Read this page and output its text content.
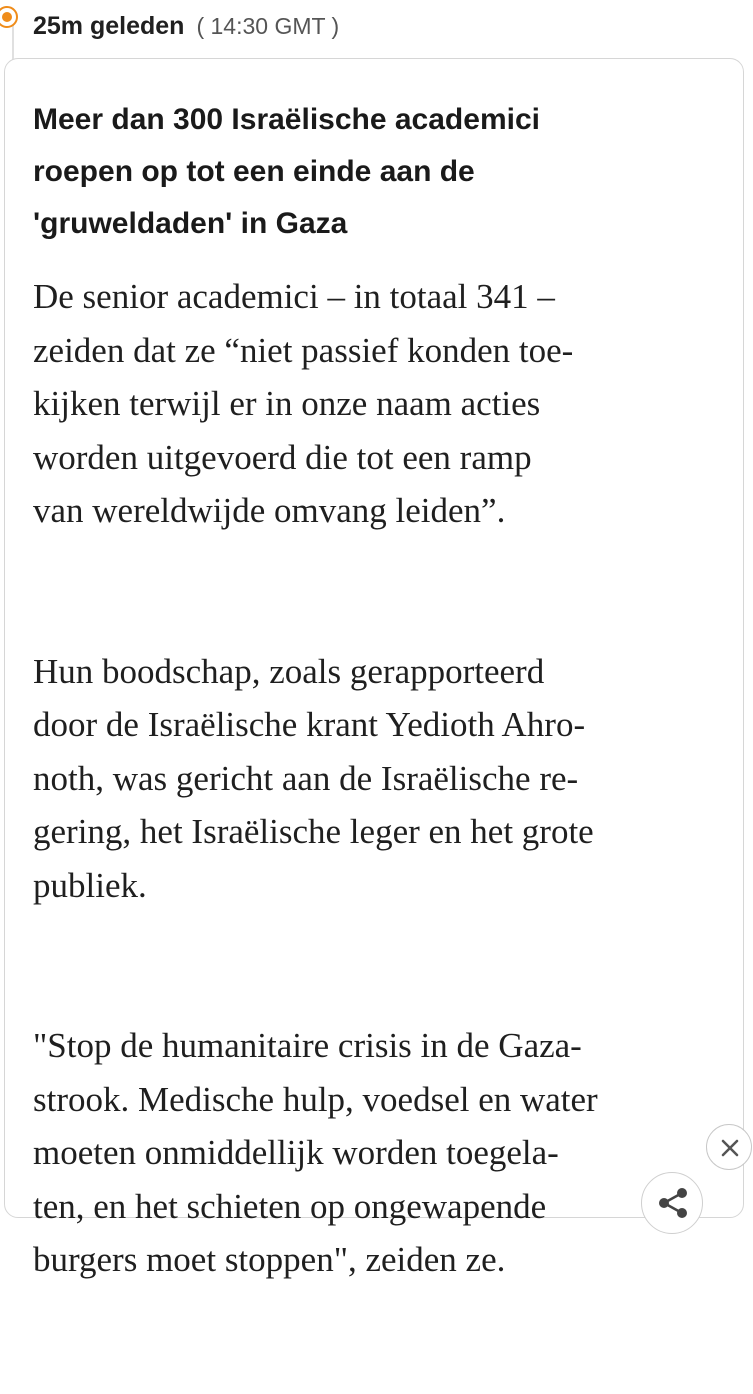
25m geleden ( 14:30 GMT )
Meer dan 300 Israëlische academici
roepen op tot een einde aan de
'gruweldaden' in Gaza

De senior academici – in totaal 341 –
zeiden dat ze “niet passief konden toe-
kijken terwijl er in onze naam acties
worden uitgevoerd die tot een ramp
van wereldwijde omvang leiden”.

Hun boodschap, zoals gerapporteerd
door de Israëlische krant Yedioth Ahro-
noth, was gericht aan de Israëlische re-
gering, het Israëlische leger en het grote
publiek.

"Stop de humanitaire crisis in de Gaza-
strook. Medische hulp, voedsel en water
moeten onmiddellijk worden toegela-
ten, en het schieten op ongewapende
burgers moet stoppen", zeiden ze.
